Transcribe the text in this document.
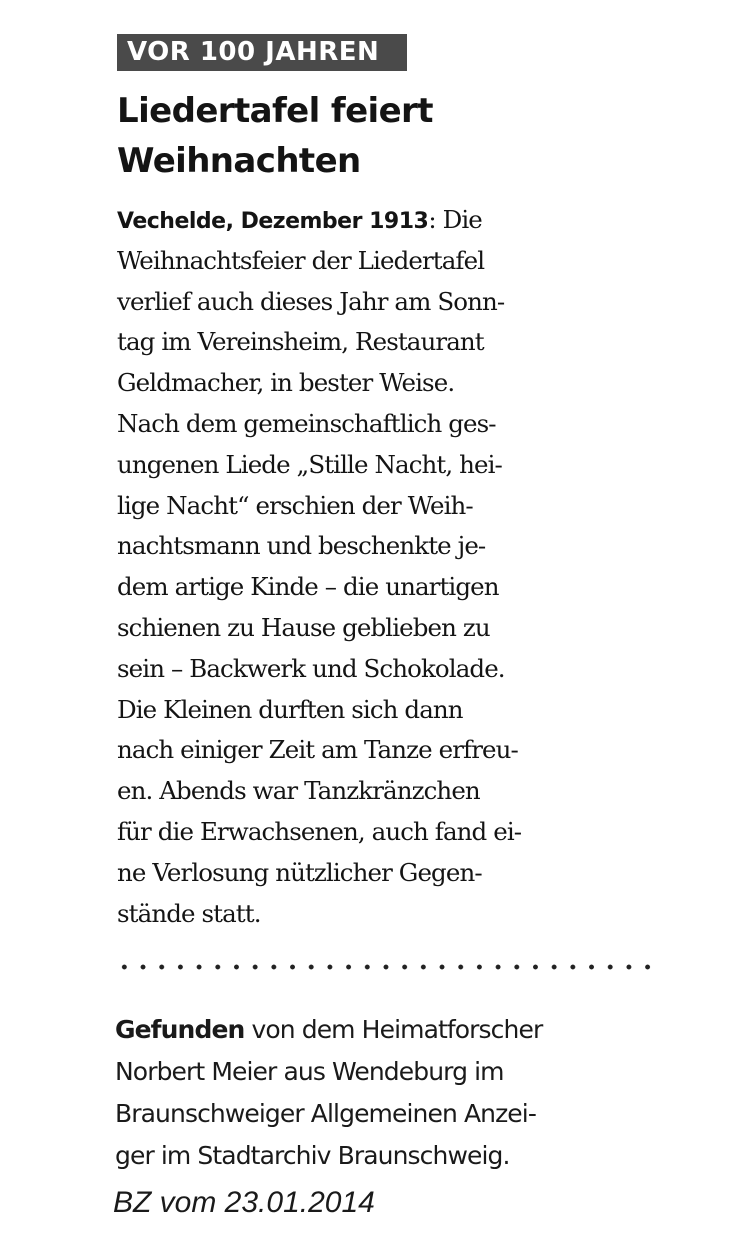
VOR 100 JAHREN
Liedertafel feiert
Weihnachten
Vechelde, Dezember 1913: Die
Weihnachtsfeier der Liedertafel
verlief auch dieses Jahr am Sonn-
tag im Vereinsheim, Restaurant
Geldmacher, in bester Weise.
Nach dem gemeinschaftlich ges-
ungenen Liede „Stille Nacht, hei-
lige Nacht“ erschien der Weih-
nachtsmann und beschenkte je-
dem artige Kinde – die unartigen
schienen zu Hause geblieben zu
sein – Backwerk und Schokolade.
Die Kleinen durften sich dann
nach einiger Zeit am Tanze erfreu-
en. Abends war Tanzkränzchen
für die Erwachsenen, auch fand ei-
ne Verlosung nützlicher Gegen-
stände statt.
Gefunden von dem Heimatforscher
Norbert Meier aus Wendeburg im
Braunschweiger Allgemeinen Anzei-
ger im Stadtarchiv Braunschweig.
BZ vom 23.01.2014
